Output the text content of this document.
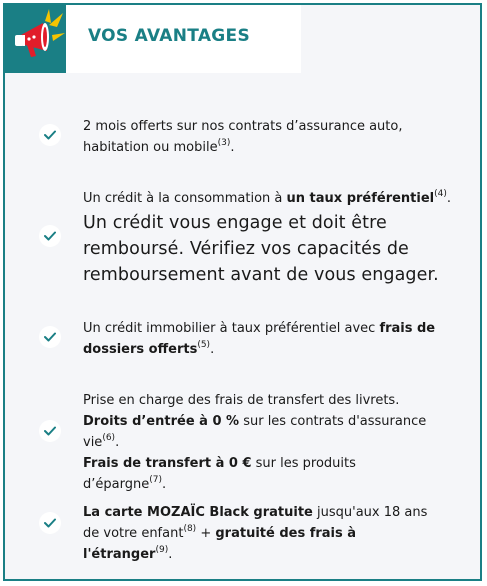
VOS AVANTAGES
2 mois offerts sur nos contrats d’assurance auto,
habitation ou mobile$^{(3)}$.
Un crédit à la consommation à un taux préférentiel$^{(4)}$.
Un crédit vous engage et doit être remboursé. Vérifiez vos capacités de remboursement avant de vous engager.
Un crédit immobilier à taux préférentiel avec frais de dossiers offerts$^{(5)}$.
Prise en charge des frais de transfert des livrets.
Droits d’entrée à 0 % sur les contrats d'assurance vie$^{(6)}$.
Frais de transfert à 0 € sur les produits d’épargne$^{(7)}$.
La carte MOZAÏC Black gratuite jusqu'aux 18 ans de votre enfant$^{(8)}$ + gratuité des frais à l'étranger$^{(9)}$.
